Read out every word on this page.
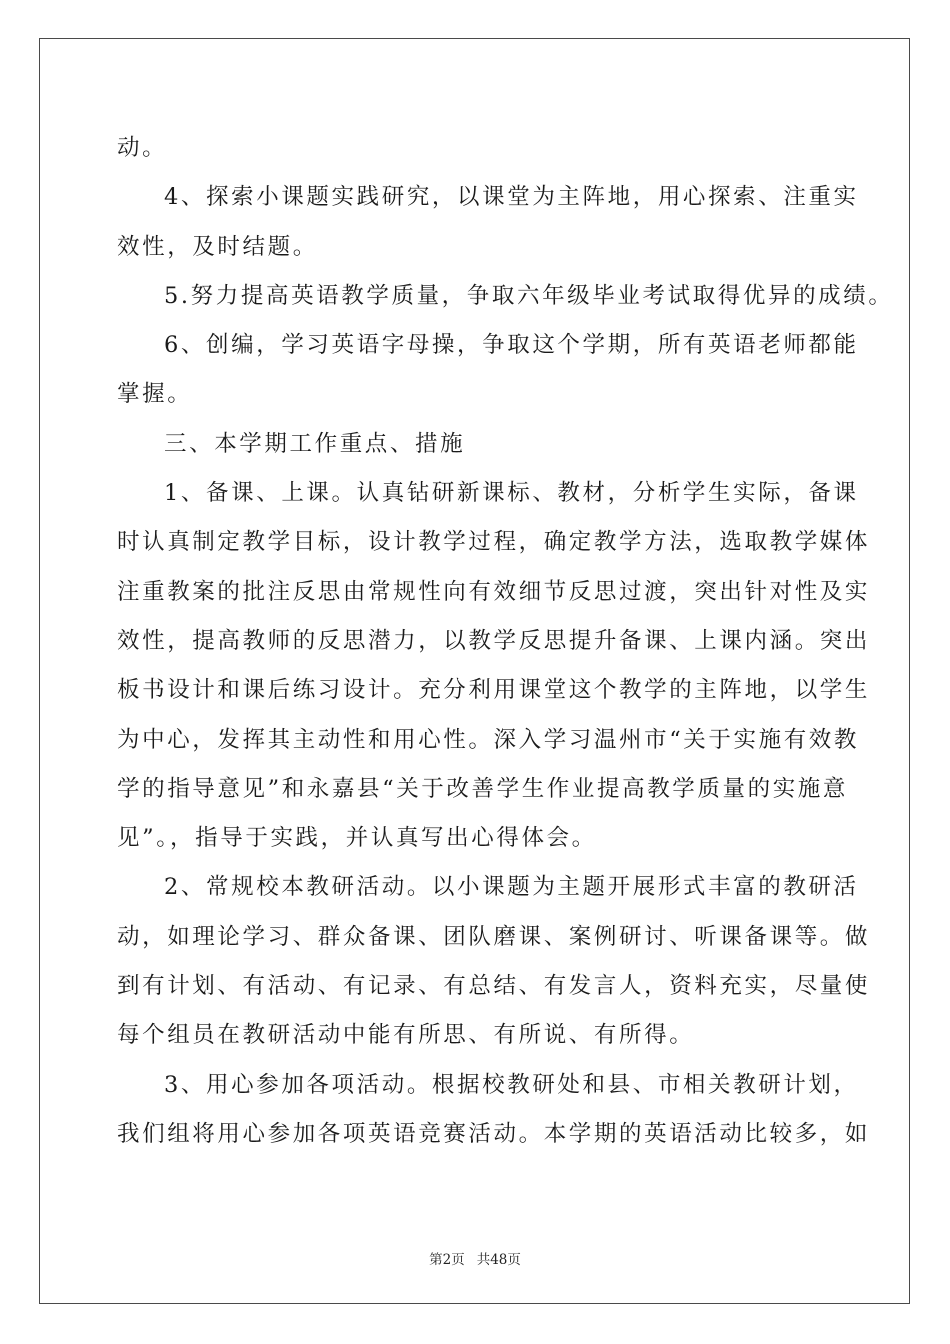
动。
4、探索小课题实践研究，以课堂为主阵地，用心探索、注重实
效性，及时结题。
5.努力提高英语教学质量，争取六年级毕业考试取得优异的成绩。
6、创编，学习英语字母操，争取这个学期，所有英语老师都能
掌握。
三、本学期工作重点、措施
1、备课、上课。认真钻研新课标、教材，分析学生实际，备课
时认真制定教学目标，设计教学过程，确定教学方法，选取教学媒体
注重教案的批注反思由常规性向有效细节反思过渡，突出针对性及实
效性，提高教师的反思潜力，以教学反思提升备课、上课内涵。突出
板书设计和课后练习设计。充分利用课堂这个教学的主阵地，以学生
为中心，发挥其主动性和用心性。深入学习温州市“关于实施有效教
学的指导意见”和永嘉县“关于改善学生作业提高教学质量的实施意
见”。，指导于实践，并认真写出心得体会。
2、常规校本教研活动。以小课题为主题开展形式丰富的教研活
动，如理论学习、群众备课、团队磨课、案例研讨、听课备课等。做
到有计划、有活动、有记录、有总结、有发言人，资料充实，尽量使
每个组员在教研活动中能有所思、有所说、有所得。
3、用心参加各项活动。根据校教研处和县、市相关教研计划，
我们组将用心参加各项英语竞赛活动。本学期的英语活动比较多，如

第2页 共48页
